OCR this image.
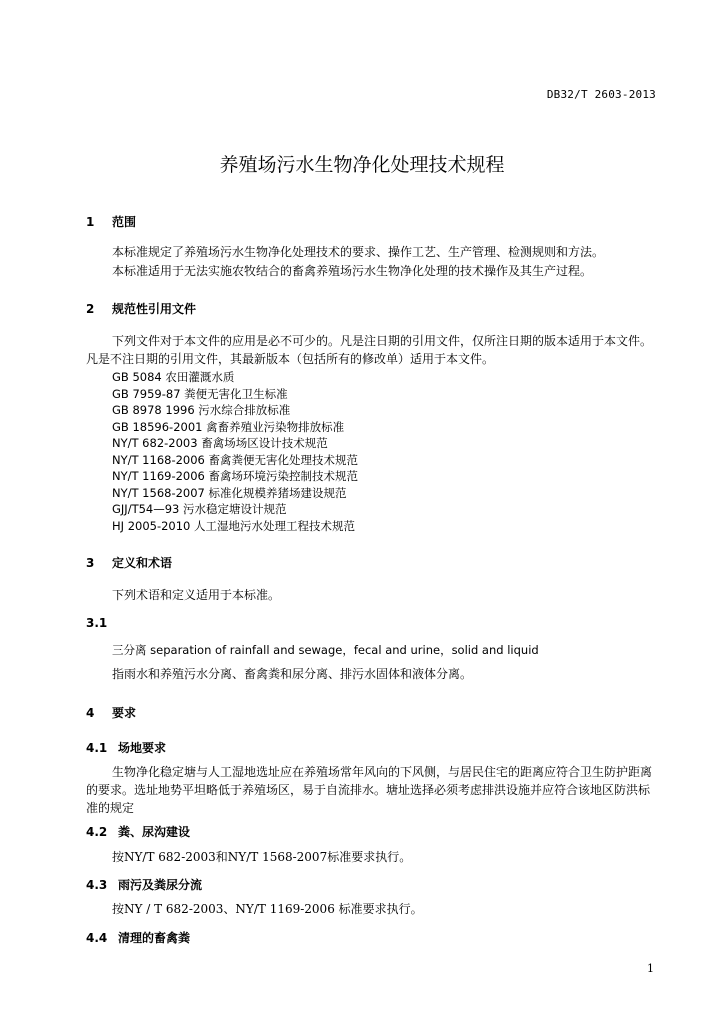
DB32/T 2603-2013
养殖场污水生物净化处理技术规程
1 范围
本标准规定了养殖场污水生物净化处理技术的要求、操作工艺、生产管理、检测规则和方法。
本标准适用于无法实施农牧结合的畜禽养殖场污水生物净化处理的技术操作及其生产过程。
2 规范性引用文件
下列文件对于本文件的应用是必不可少的。凡是注日期的引用文件，仅所注日期的版本适用于本文件。凡是不注日期的引用文件，其最新版本（包括所有的修改单）适用于本文件。
GB 5084 农田灌溉水质
GB 7959-87 粪便无害化卫生标准
GB 8978 1996 污水综合排放标准
GB 18596-2001 禽畜养殖业污染物排放标准
NY/T 682-2003 畜禽场场区设计技术规范
NY/T 1168-2006 畜禽粪便无害化处理技术规范
NY/T 1169-2006 畜禽场环境污染控制技术规范
NY/T 1568-2007 标准化规模养猪场建设规范
GJJ/T54—93 污水稳定塘设计规范
HJ 2005-2010 人工湿地污水处理工程技术规范
3 定义和术语
下列术语和定义适用于本标准。
3.1
三分离 separation of rainfall and sewage，fecal and urine，solid and liquid
指雨水和养殖污水分离、畜禽粪和尿分离、排污水固体和液体分离。
4 要求
4.1 场地要求
生物净化稳定塘与人工湿地选址应在养殖场常年风向的下风侧，与居民住宅的距离应符合卫生防护距离的要求。选址地势平坦略低于养殖场区，易于自流排水。塘址选择必须考虑排洪设施并应符合该地区防洪标准的规定
4.2 粪、尿沟建设
按NY/T 682-2003和NY/T 1568-2007标准要求执行。
4.3 雨污及粪尿分流
按NY / T 682-2003、NY/T 1169-2006 标准要求执行。
4.4 清理的畜禽粪
1
